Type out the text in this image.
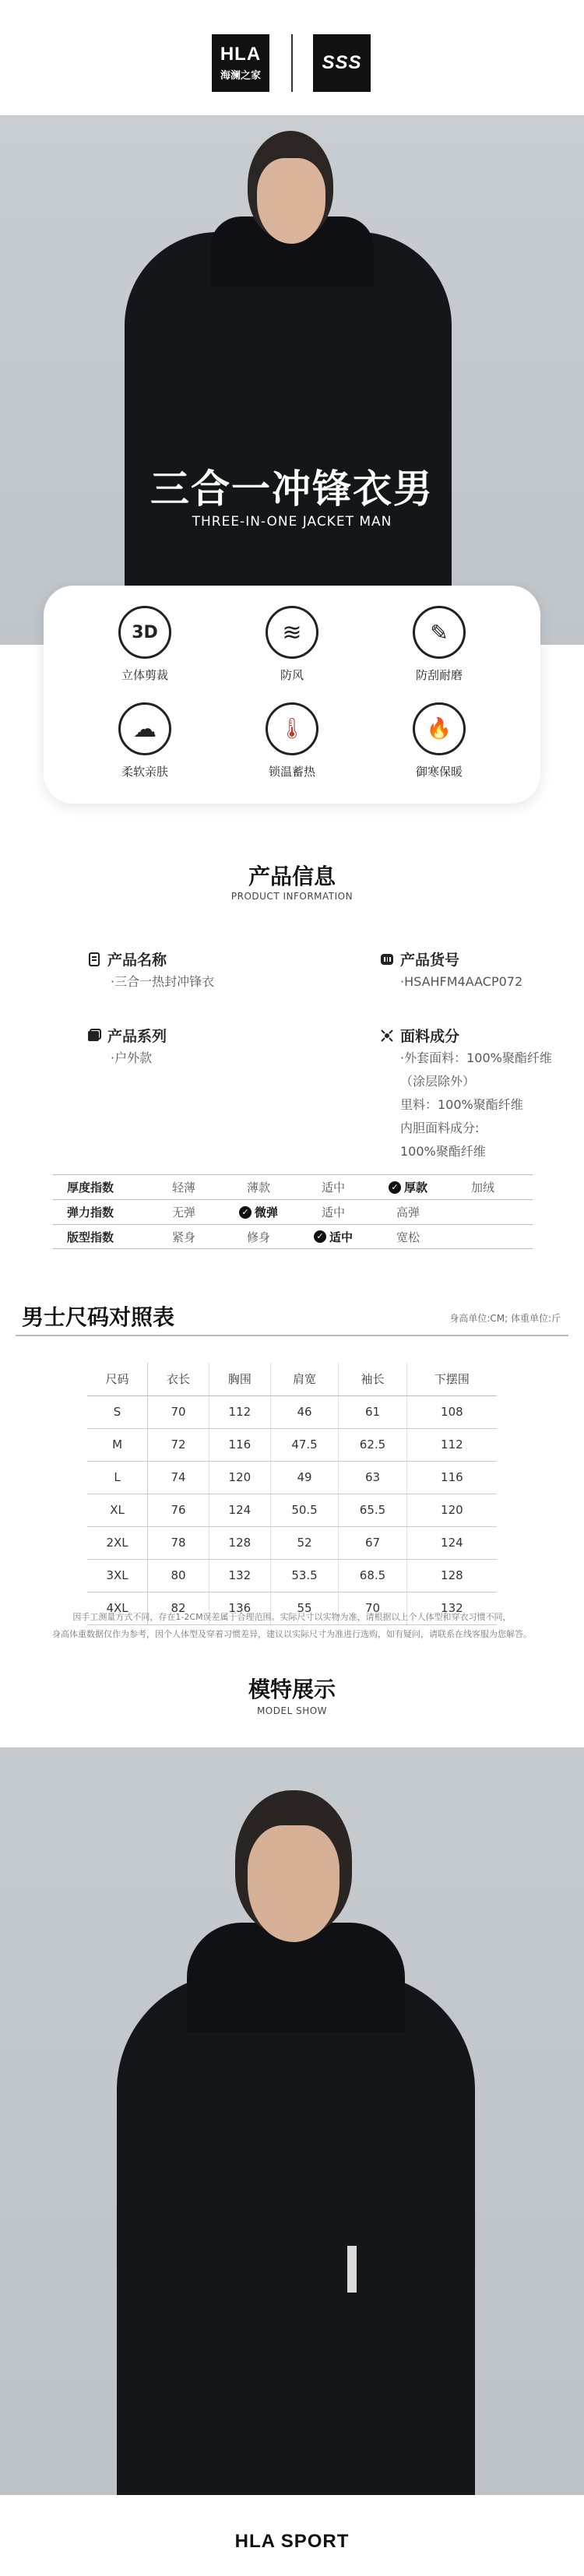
HLA
海澜之家
SSS
三合一冲锋衣男
THREE-IN-ONE JACKET MAN
3D
立体剪裁
≋
防风
✎
防刮耐磨
☁
柔软亲肤
🌡
锁温蓄热
🔥
御寒保暖
产品信息
PRODUCT INFORMATION
产品名称
·三合一热封冲锋衣
产品货号
·HSAHFM4AACP072
产品系列
·户外款
面料成分
·外套面料：100%聚酯纤维
（涂层除外）
里料：100%聚酯纤维
内胆面料成分:
100%聚酯纤维
厚度指数	轻薄	薄款	适中	✓ 厚款	加绒
弹力指数	无弹	✓ 微弹	适中	高弹
版型指数	紧身	修身	✓ 适中	宽松
男士尺码对照表	身高单位:CM; 体重单位:斤
尺码	衣长	胸围	肩宽	袖长	下摆围
S	70	112	46	61	108
M	72	116	47.5	62.5	112
L	74	120	49	63	116
XL	76	124	50.5	65.5	120
2XL	78	128	52	67	124
3XL	80	132	53.5	68.5	128
4XL	82	136	55	70	132
因手工测量方式不同，存在1-2CM误差属于合理范围。实际尺寸以实物为准，请根据以上个人体型和穿衣习惯不同，
身高体重数据仅作为参考，因个人体型及穿着习惯差异，建议以实际尺寸为准进行选购，如有疑问，请联系在线客服为您解答。
模特展示
MODEL SHOW
HLA SPORT
